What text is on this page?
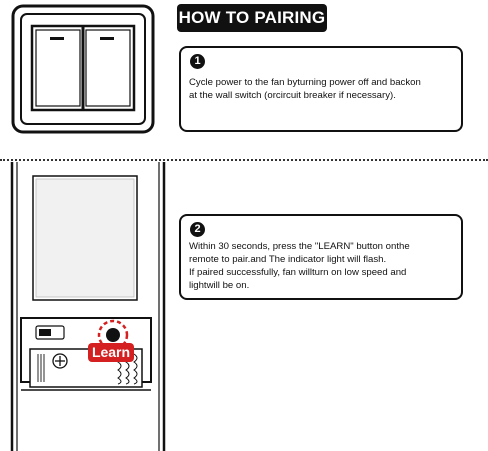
HOW TO PAIRING
1
Cycle power to the fan byturning power off and backon
at the wall switch (orcircuit breaker if necessary).
Learn
2
Within 30 seconds, press the "LEARN" button onthe
remote to pair.and The indicator light will flash.
If paired successfully, fan willturn on low speed and
lightwill be on.
